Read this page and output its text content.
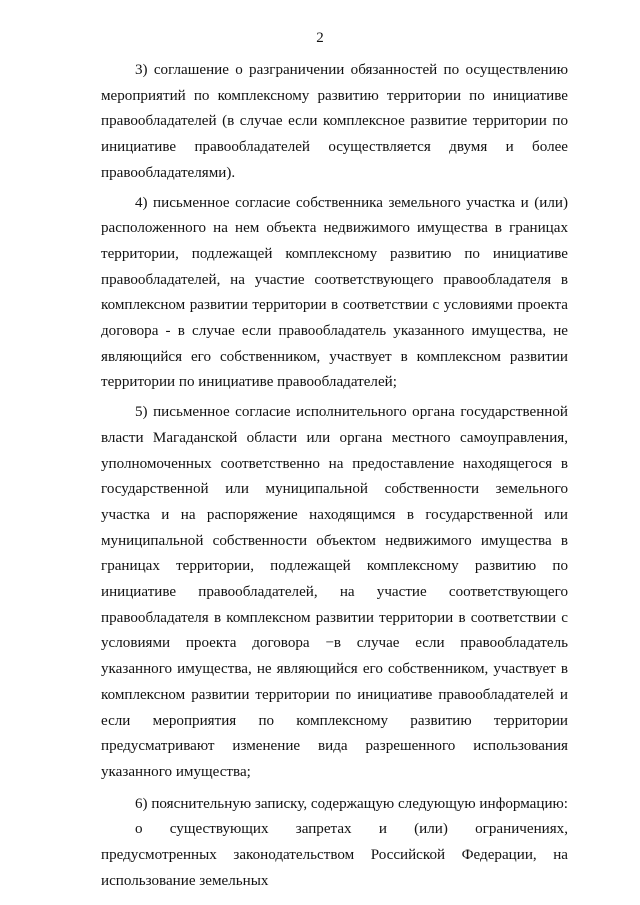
2

3) соглашение о разграничении обязанностей по осуществлению мероприятий по комплексному развитию территории по инициативе правообладателей (в случае если комплексное развитие территории по инициативе правообладателей осуществляется двумя и более правообладателями).

4) письменное согласие собственника земельного участка и (или) расположенного на нем объекта недвижимого имущества в границах территории, подлежащей комплексному развитию по инициативе правообладателей, на участие соответствующего правообладателя в комплексном развитии территории в соответствии с условиями проекта договора - в случае если правообладатель указанного имущества, не являющийся его собственником, участвует в комплексном развитии территории по инициативе правообладателей;

5) письменное согласие исполнительного органа государственной власти Магаданской области или органа местного самоуправления, уполномоченных соответственно на предоставление находящегося в государственной или муниципальной собственности земельного участка и на распоряжение находящимся в государственной или муниципальной собственности объектом недвижимого имущества в границах территории, подлежащей комплексному развитию по инициативе правообладателей, на участие соответствующего правообладателя в комплексном развитии территории в соответствии с условиями проекта договора −в случае если правообладатель указанного имущества, не являющийся его собственником, участвует в комплексном развитии территории по инициативе правообладателей и если мероприятия по комплексному развитию территории предусматривают изменение вида разрешенного использования указанного имущества;

6) пояснительную записку, содержащую следующую информацию:

о существующих запретах и (или) ограничениях, предусмотренных законодательством Российской Федерации, на использование земельных
